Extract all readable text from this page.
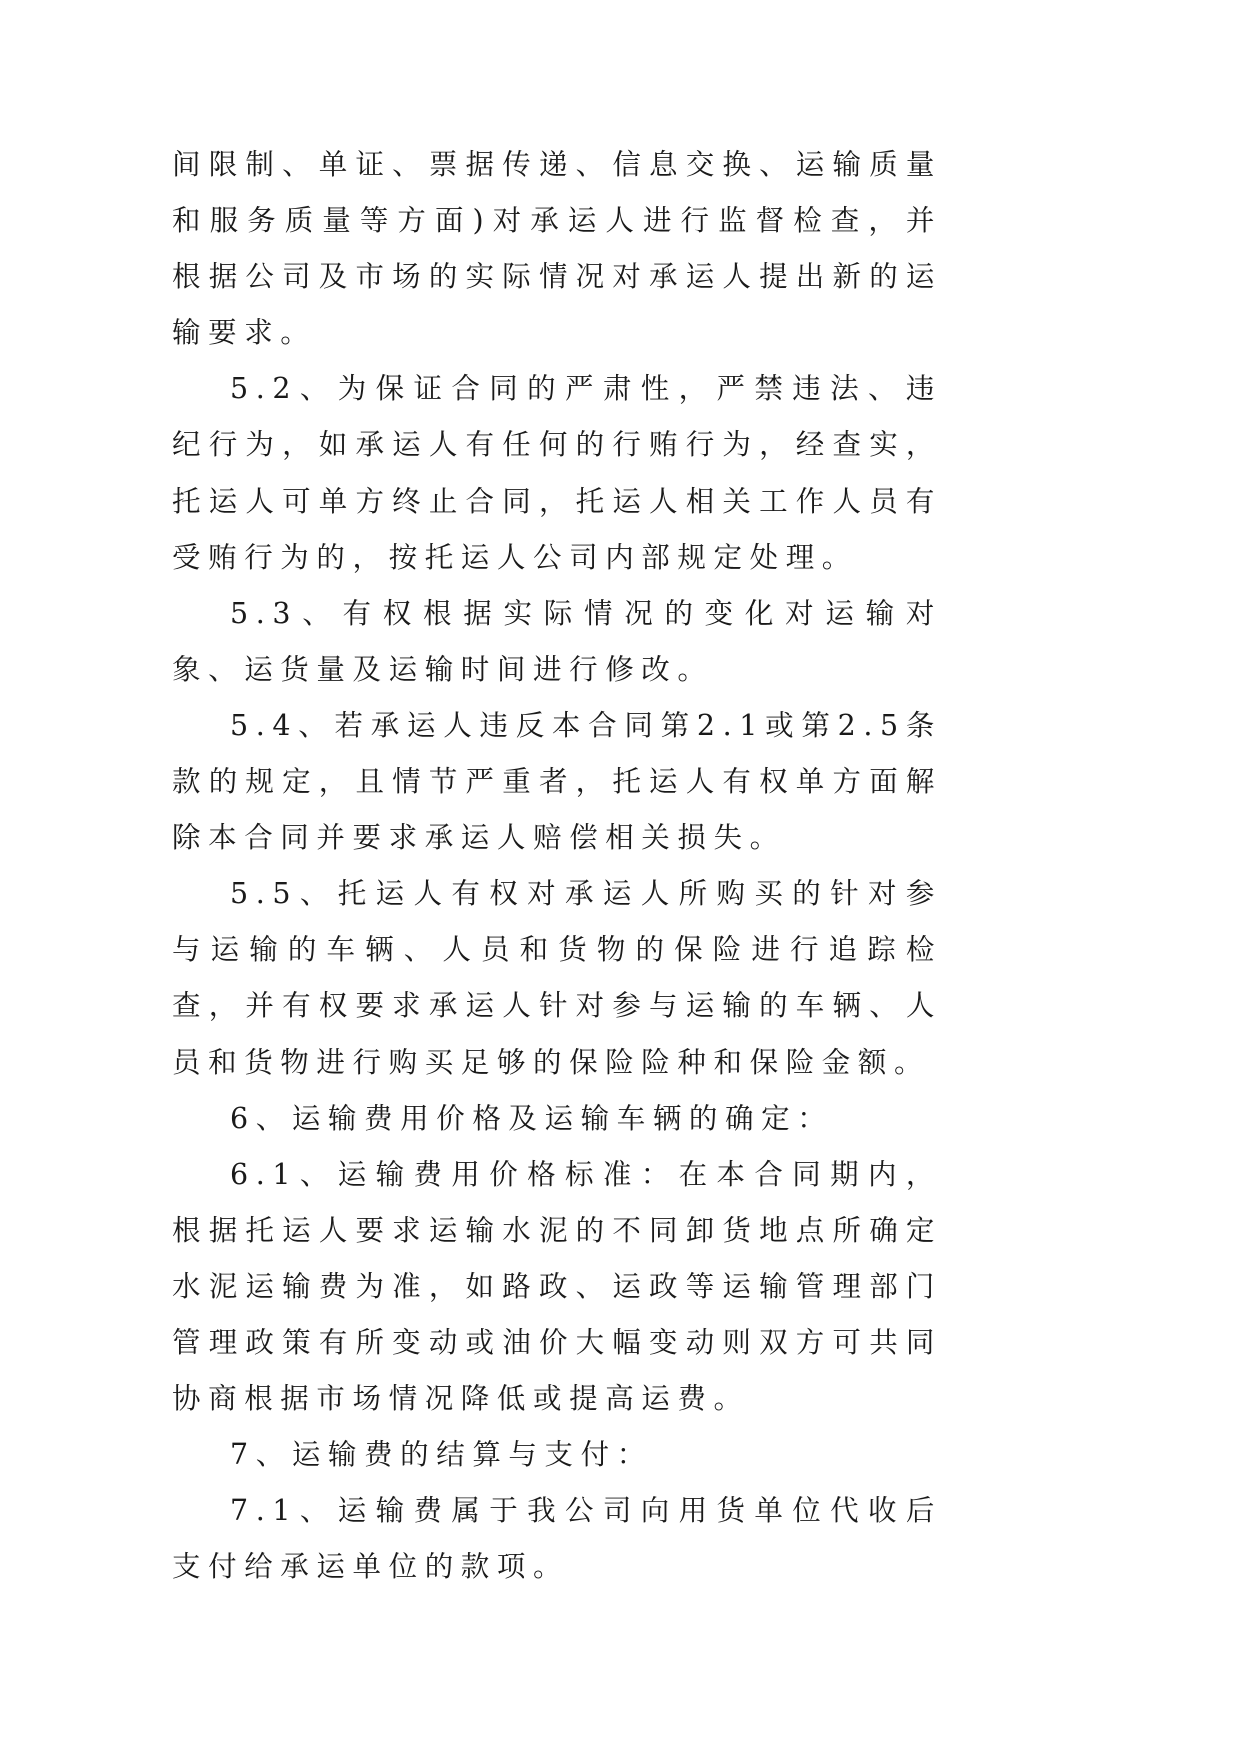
间限制、单证、票据传递、信息交换、运输质量和服务质量等方面)对承运人进行监督检查，并根据公司及市场的实际情况对承运人提出新的运输要求。

5.2、为保证合同的严肃性，严禁违法、违纪行为，如承运人有任何的行贿行为，经查实，托运人可单方终止合同，托运人相关工作人员有受贿行为的，按托运人公司内部规定处理。

5.3、有权根据实际情况的变化对运输对象、运货量及运输时间进行修改。

5.4、若承运人违反本合同第2.1或第2.5条款的规定，且情节严重者，托运人有权单方面解除本合同并要求承运人赔偿相关损失。

5.5、托运人有权对承运人所购买的针对参与运输的车辆、人员和货物的保险进行追踪检查，并有权要求承运人针对参与运输的车辆、人员和货物进行购买足够的保险险种和保险金额。

6、运输费用价格及运输车辆的确定：

6.1、运输费用价格标准：在本合同期内，根据托运人要求运输水泥的不同卸货地点所确定水泥运输费为准，如路政、运政等运输管理部门管理政策有所变动或油价大幅变动则双方可共同协商根据市场情况降低或提高运费。

7、运输费的结算与支付：

7.1、运输费属于我公司向用货单位代收后支付给承运单位的款项。
